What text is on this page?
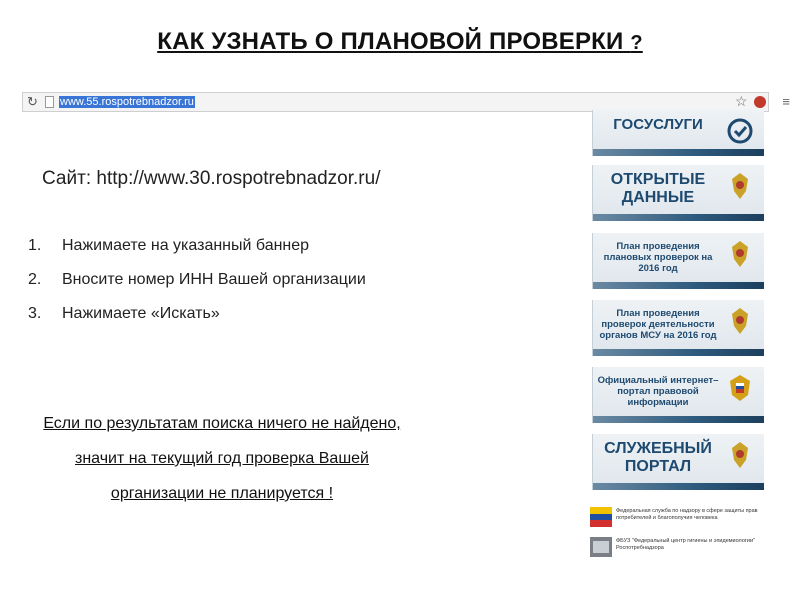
КАК УЗНАТЬ О ПЛАНОВОЙ ПРОВЕРКИ ?
↻ www.55.rospotrebnadzor.ru	☆	≡
Сайт: http://www.30.rospotrebnadzor.ru/
1.	Нажимаете на указанный баннер
2.	Вносите номер ИНН Вашей организации
3.	Нажимаете «Искать»
Если по результатам поиска ничего не найдено, значит на текущий год проверка Вашей организации не планируется !
ГОСУСЛУГИ
ОТКРЫТЫЕ ДАННЫЕ
План проведения плановых проверок на 2016 год
План проведения проверок деятельности органов МСУ на 2016 год
Официальный интернет–портал правовой информации
СЛУЖЕБНЫЙ ПОРТАЛ
Федеральная служба по надзору в сфере защиты прав потребителей и благополучия человека
ФБУЗ "Федеральный центр гигиены и эпидемиологии" Роспотребнадзора
